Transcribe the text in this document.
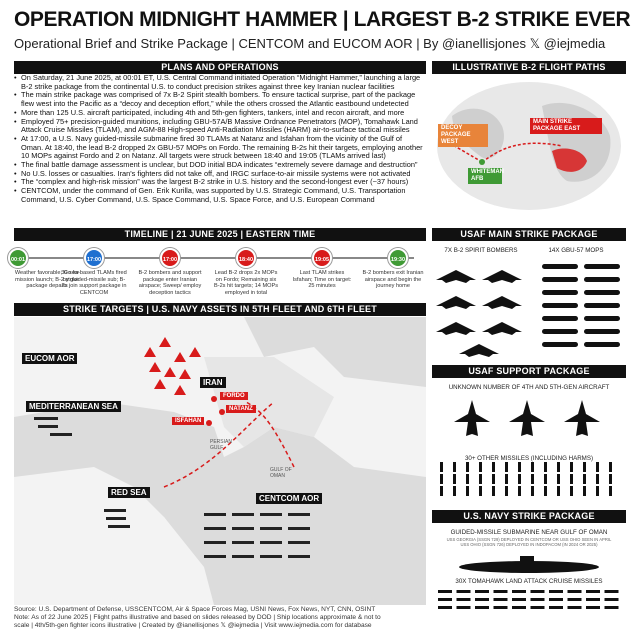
OPERATION MIDNIGHT HAMMER | LARGEST B-2 STRIKE EVER
Operational Brief and Strike Package | CENTCOM and EUCOM AOR | By @ianellisjones 𝕏 @iejmedia
PLANS AND OPERATIONS
• On Saturday, 21 June 2025, at 00:01 ET, U.S. Central Command initiated Operation “Midnight Hammer,” launching a large B-2 strike package from the continental U.S. to conduct precision strikes against three key Iranian nuclear facilities
• The main strike package was comprised of 7x B-2 Spirit stealth bombers. To ensure tactical surprise, part of the package flew west into the Pacific as a “decoy and deception effort,” while the others crossed the Atlantic eastbound undetected
• More than 125 U.S. aircraft participated, including 4th and 5th-gen fighters, tankers, intel and recon aircraft, and more
• Employed 75+ precision-guided munitions, including GBU-57A/B Massive Ordnance Penetrators (MOP), Tomahawk Land Attack Cruise Missiles (TLAM), and AGM-88 High-speed Anti-Radiation Missiles (HARM) air-to-surface tactical missiles
• At 17:00, a U.S. Navy guided-missile submarine fired 30 TLAMs at Natanz and Isfahan from the vicinity of the Gulf of Oman. At 18:40, the lead B-2 dropped 2x GBU-57 MOPs on Fordo. The remaining B-2s hit their targets, employing another 10 MOPs against Fordo and 2 on Natanz. All targets were struck between 18:40 and 19:05 (TLAMs arrived last)
• The final battle damage assessment is unclear, but DOD initial BDA indicates “extremely severe damage and destruction”
• No U.S. losses or casualties. Iran's fighters did not take off, and IRGC surface-to-air missile systems were not activated
• The “complex and high-risk mission” was the largest B-2 strike in U.S. history and the second-longest ever (~37 hours)
• CENTCOM, under the command of Gen. Erik Kurilla, was supported by U.S. Strategic Command, U.S. Transportation Command, U.S. Cyber Command, U.S. Space Command, U.S. Space Force, and U.S. European Command
ILLUSTRATIVE B-2 FLIGHT PATHS
DECOY PACKAGE WEST
MAIN STRIKE PACKAGE EAST
WHITEMAN AFB
TIMELINE | 21 JUNE 2025 | EASTERN TIME
00:01
Weather favorable; Go for mission launch; B-2 strike package departs
17:00
30 sea-based TLAMs fired by guided-missile sub; B-2s join support package in CENTCOM
17:00
B-2 bombers and support package enter Iranian airspace; Sweep/ employ deception tactics
18:40
Lead B-2 drops 2x MOPs on Fordo; Remaining six B-2s hit targets; 14 MOPs employed in total
19:05
Last TLAM strikes Isfahan; Time on target: 25 minutes
19:30
B-2 bombers exit Iranian airspace and begin the journey home
STRIKE TARGETS | U.S. NAVY ASSETS IN 5TH FLEET AND 6TH FLEET
EUCOM AOR
MEDITERRANEAN SEA
RED SEA
CENTCOM AOR
IRAN
FORDO
NATANZ
ISFAHAN
GULF OF OMAN
PERSIAN GULF
USAF MAIN STRIKE PACKAGE
7X B-2 SPIRIT BOMBERS	14X GBU-57 MOPS
USAF SUPPORT PACKAGE
UNKNOWN NUMBER OF 4TH AND 5TH-GEN AIRCRAFT
30+ OTHER MISSILES (INCLUDING HARMS)
U.S. NAVY STRIKE PACKAGE
GUIDED-MISSILE SUBMARINE NEAR GULF OF OMAN
USS GEORGIA (SSGN 729) DEPLOYED IN CENTCOM OR USS OHIO SEEN IN APRIL
USS OHIO (SSGN 726) DEPLOYED IN INDOPACOM (IN 2024 OR 2025)
30X TOMAHAWK LAND ATTACK CRUISE MISSILES
Source: U.S. Department of Defense, USSCENTCOM, Air & Space Forces Mag, USNI News, Fox News, NYT, CNN, OSINT
Note: As of 22 June 2025 | Flight paths illustrative and based on slides released by DOD | Ship locations approximate & not to
scale | 4th/5th-gen fighter icons illustrative | Created by @ianellisjones 𝕏 @iejmedia | Visit www.iejmedia.com for database
